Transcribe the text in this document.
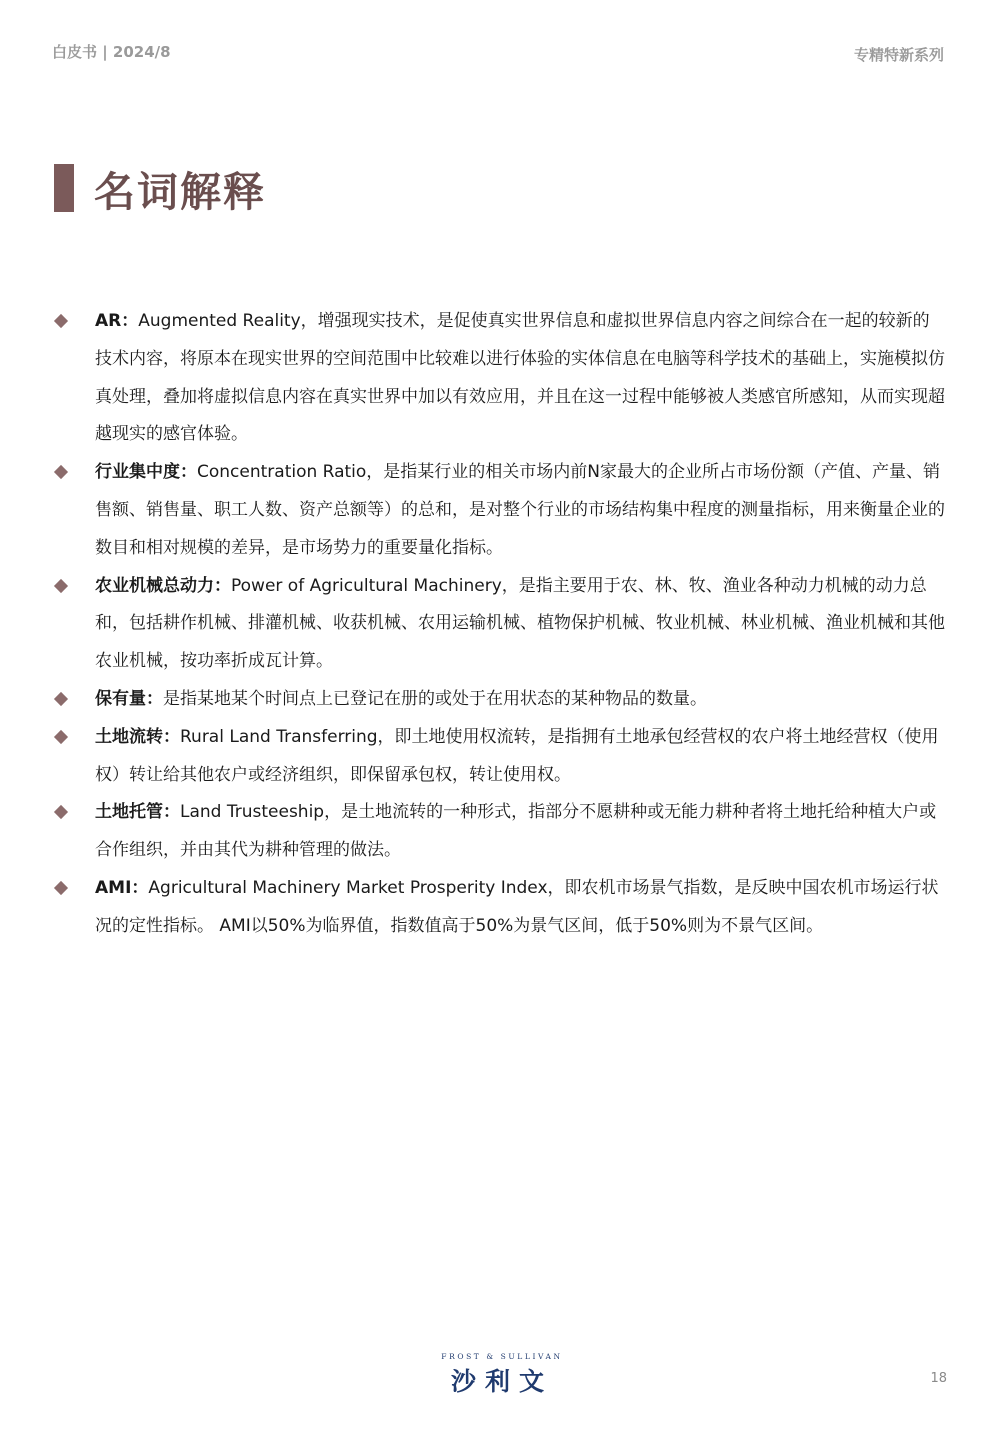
白皮书 | 2024/8	专精特新系列
名词解释
AR：Augmented Reality，增强现实技术，是促使真实世界信息和虚拟世界信息内容之间综合在一起的较新的技术内容，将原本在现实世界的空间范围中比较难以进行体验的实体信息在电脑等科学技术的基础上，实施模拟仿真处理，叠加将虚拟信息内容在真实世界中加以有效应用，并且在这一过程中能够被人类感官所感知，从而实现超越现实的感官体验。
行业集中度：Concentration Ratio，是指某行业的相关市场内前N家最大的企业所占市场份额（产值、产量、销售额、销售量、职工人数、资产总额等）的总和，是对整个行业的市场结构集中程度的测量指标，用来衡量企业的数目和相对规模的差异，是市场势力的重要量化指标。
农业机械总动力：Power of Agricultural Machinery，是指主要用于农、林、牧、渔业各种动力机械的动力总和，包括耕作机械、排灌机械、收获机械、农用运输机械、植物保护机械、牧业机械、林业机械、渔业机械和其他农业机械，按功率折成瓦计算。
保有量：是指某地某个时间点上已登记在册的或处于在用状态的某种物品的数量。
土地流转：Rural Land Transferring，即土地使用权流转，是指拥有土地承包经营权的农户将土地经营权（使用权）转让给其他农户或经济组织，即保留承包权，转让使用权。
土地托管：Land Trusteeship，是土地流转的一种形式，指部分不愿耕种或无能力耕种者将土地托给种植大户或合作组织，并由其代为耕种管理的做法。
AMI：Agricultural Machinery Market Prosperity Index，即农机市场景气指数，是反映中国农机市场运行状况的定性指标。 AMI以50%为临界值，指数值高于50%为景气区间，低于50%则为不景气区间。
FROST & SULLIVAN
沙利文	18
